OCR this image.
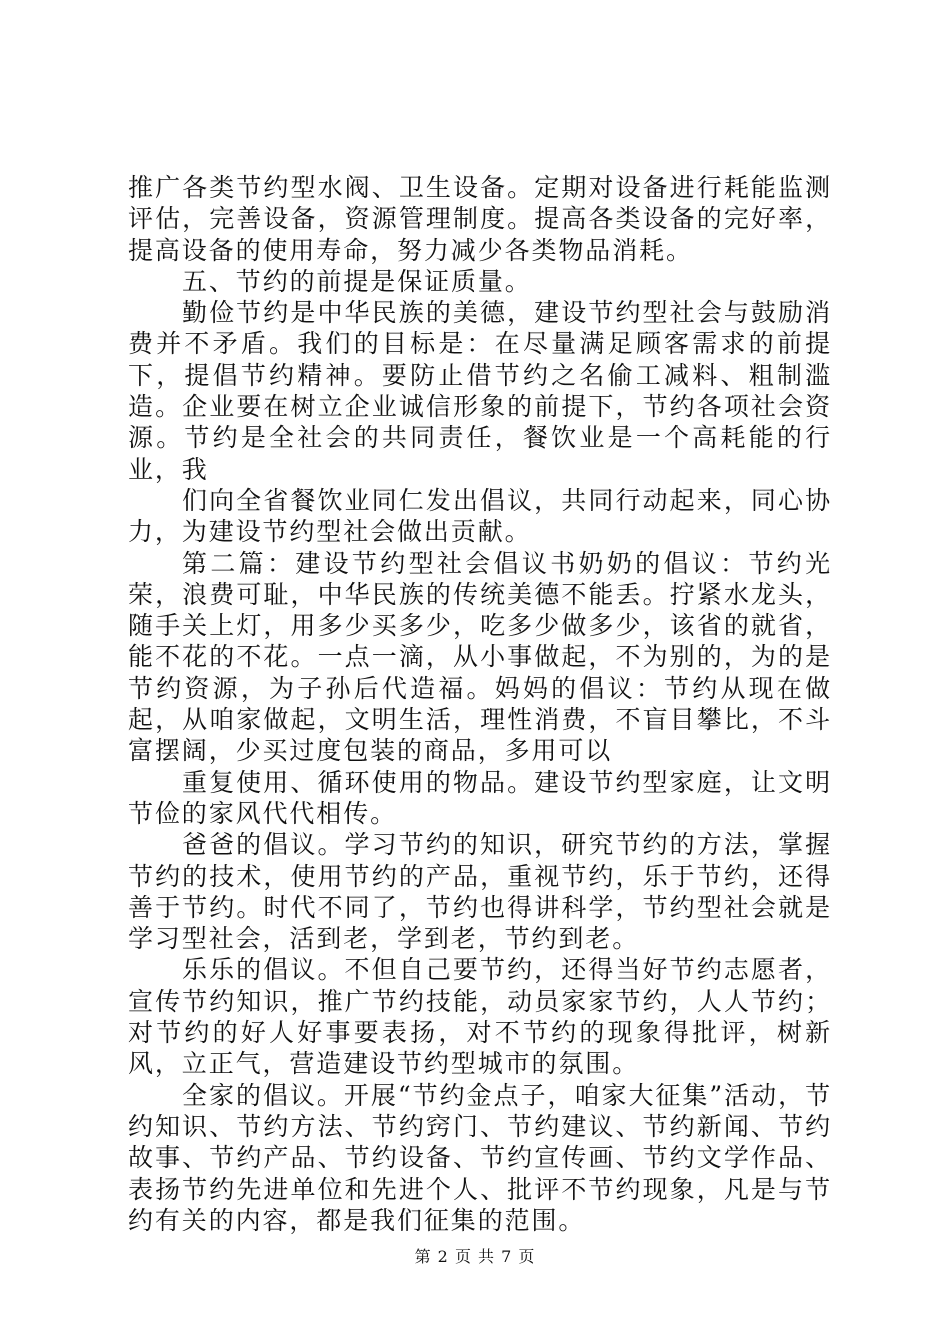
推广各类节约型水阀、卫生设备。定期对设备进行耗能监测评估，完善设备，资源管理制度。提高各类设备的完好率，提高设备的使用寿命，努力减少各类物品消耗。

五、节约的前提是保证质量。

勤俭节约是中华民族的美德，建设节约型社会与鼓励消费并不矛盾。我们的目标是：在尽量满足顾客需求的前提下，提倡节约精神。要防止借节约之名偷工减料、粗制滥造。企业要在树立企业诚信形象的前提下，节约各项社会资源。节约是全社会的共同责任，餐饮业是一个高耗能的行业，我

们向全省餐饮业同仁发出倡议，共同行动起来，同心协力，为建设节约型社会做出贡献。

第二篇：建设节约型社会倡议书奶奶的倡议：节约光荣，浪费可耻，中华民族的传统美德不能丢。拧紧水龙头，随手关上灯，用多少买多少，吃多少做多少，该省的就省，能不花的不花。一点一滴，从小事做起，不为别的，为的是节约资源，为子孙后代造福。妈妈的倡议：节约从现在做起，从咱家做起，文明生活，理性消费，不盲目攀比，不斗富摆阔，少买过度包装的商品，多用可以

重复使用、循环使用的物品。建设节约型家庭，让文明节俭的家风代代相传。

爸爸的倡议。学习节约的知识，研究节约的方法，掌握节约的技术，使用节约的产品，重视节约，乐于节约，还得善于节约。时代不同了，节约也得讲科学，节约型社会就是学习型社会，活到老，学到老，节约到老。

乐乐的倡议。不但自己要节约，还得当好节约志愿者，宣传节约知识，推广节约技能，动员家家节约，人人节约；对节约的好人好事要表扬，对不节约的现象得批评，树新风，立正气，营造建设节约型城市的氛围。

全家的倡议。开展“节约金点子，咱家大征集”活动，节约知识、节约方法、节约窍门、节约建议、节约新闻、节约故事、节约产品、节约设备、节约宣传画、节约文学作品、表扬节约先进单位和先进个人、批评不节约现象，凡是与节约有关的内容，都是我们征集的范围。

第 2 页 共 7 页
